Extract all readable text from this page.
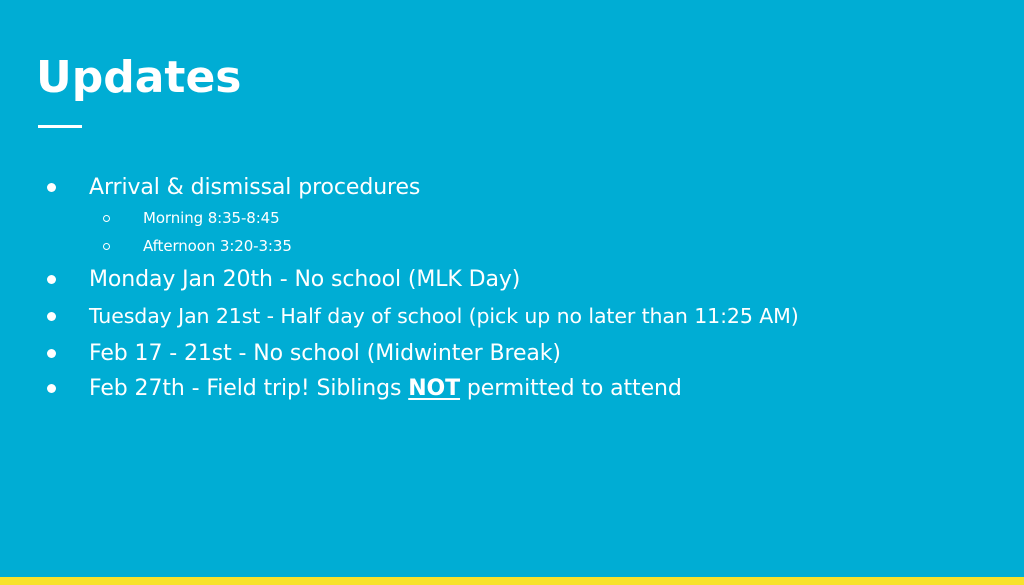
Updates
Arrival & dismissal procedures
Morning 8:35-8:45
Afternoon 3:20-3:35
Monday Jan 20th - No school (MLK Day)
Tuesday Jan 21st - Half day of school (pick up no later than 11:25 AM)
Feb 17 - 21st - No school (Midwinter Break)
Feb 27th - Field trip! Siblings NOT permitted to attend
